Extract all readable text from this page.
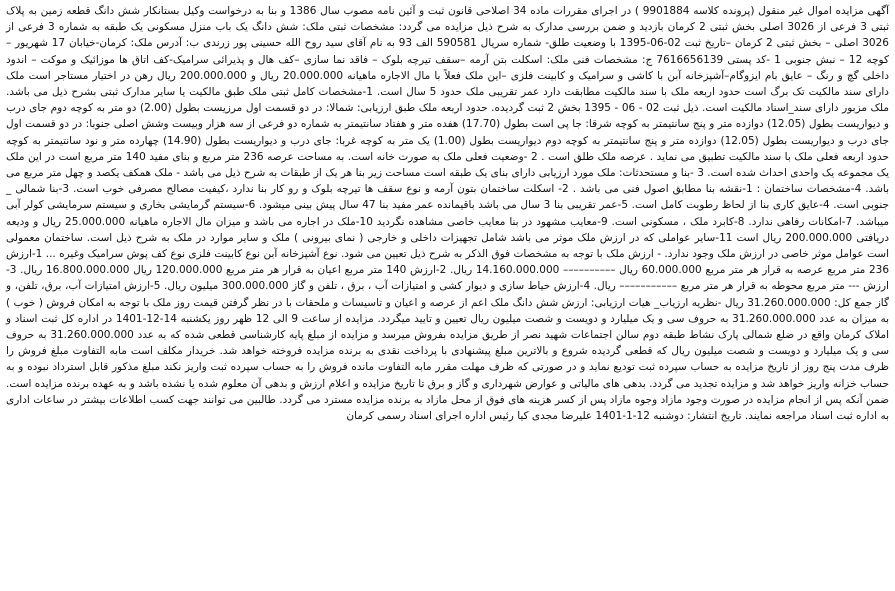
آگهی مزایده اموال غیر منقول (پرونده کلاسه 9901884 ) در اجرای مقررات ماده 34 اصلاحی قانون ثبت و آئین نامه مصوب سال 1386 و بنا به درخواست وکیل بستانکار شش دانگ قطعه زمین به پلاک ثبتی 3 فرعی از 3026 اصلی بخش ثبتی 2 کرمان بازدید و ضمن بررسی مدارک به شرح ذیل مزایده می گردد: مشخصات ثبتی ملک: شش دانگ یک باب منزل مسکونی یک طبقه به شماره 3 فرعی از 3026 اصلی – بخش ثبتی 2 کرمان –تاریخ ثبت 02-06-1395 با وضعیت طلق- شماره سریال 590581 الف 93 به نام آقای سید روح الله حسینی پور زرندی ب: آدرس ملک: کرمان-خیابان 17 شهریور –کوچه 12 – نبش جنوبی 1 -کد پستی 7616656139 ج: مشخصات فنی ملک: اسکلت بتن آرمه –سقف تیرچه بلوک – فاقد نما سازی –کف هال و پذیرائی سرامیک-کف اتاق ها موزائیک و موکت – اندود داخلی گچ و رنگ – عایق بام ایزوگام–آشپزخانه آبن با کاشی و سرامیک و کابینت فلزی –این ملک فعلاً با مال الاجاره ماهیانه 20.000.000 ریال و 200.000.000 ریال رهن در اختیار مستاجر است ملک دارای سند مالکیت تک برگ است حدود اربعه ملک با سند مالکیت مطابقت دارد عمر تقریبی ملک حدود 5 سال است. 1-مشخصات کامل ثبتی ملک طبق مالکیت یا سایر مدارک ثبتی بشرح ذیل می باشد. ملک مزبور دارای سند_اسناد مالکیت است. ذیل ثبت 02 - 06 - 1395 بخش 2 ثبت گردیده. حدود اربعه ملک طبق ارزیابی: شمالا: در دو قسمت اول مرزیست بطول (2.00) دو متر به کوچه دوم جای درب و دیواریست بطول (12.05) دوازده متر و پنج سانتیمتر به کوچه شرقا: جا پی است بطول (17.70) هفده متر و هفتاد سانتیمتر به شماره دو فرعی از سه هزار وبیست وشش اصلی جنوبا: در دو قسمت اول جای درب و دیواریست بطول (12.05) دوازده متر و پنج سانتیمتر به کوچه دوم دیواریست بطول (1.00) یک متر به کوچه غربا: جای درب و دیواریست بطول (14.90) چهارده متر و نود سانتیمتر به کوچه حدود اربعه فعلی ملک با سند مالکیت تطبیق می نماید . عرصه ملک طلق است . 2 -وضعیت فعلی ملک به صورت خانه است. به مساحت عرصه 236 متر مربع و بنای مفید 140 متر مربع است در این ملک یک مجموعه یک واحدی احداث شده است. 3 -بنا و مستحدثات: ملک مورد ارزیابی دارای بنای یک طبقه است مساحت زیر بنا هر یک از طبقات به شرح ذیل می باشد - ملک همکف یکصد و چهل متر مربع می باشد. 4-مشخصات ساختمان : 1-نقشه بنا مطابق اصول فنی می باشد . 2- اسکلت ساختمان بتون آرمه و نوع سقف ها تیرچه بلوک و رو کار بنا ندارد ،کیفیت مصالح مصرفی خوب است. 3-بنا شمالی _ جنوبی است. 4-عایق کاری بنا از لحاظ رطوبت کامل است. 5-عمر تقریبی بنا 3 سال می باشد باقیمانده عمر مفید بنا 47 سال پیش بینی میشود. 6-سیستم گرمایشی بخاری و سیستم سرمایشی کولر آبی میباشد. 7-امکانات رفاهی ندارد. 8-کابرد ملک ، مسکونی است. 9-معایب مشهود در بنا معایب خاصی مشاهده نگردید 10-ملک در اجاره می باشد و میزان مال الاجاره ماهیانه 25.000.000 ریال و ودیعه دریافتی 200.000.000 ریال است 11-سایر عواملی که در ارزش ملک موثر می باشد شامل تجهیزات داخلی و خارجی ( نمای بیرونی ) ملک و سایر موارد در ملک به شرح ذیل است. ساختمان معمولی است عوامل موثر خاصی در ارزش ملک وجود ندارد. - ارزش ملک با توجه به مشخصات فوق الذکر به شرح ذیل تعیین می شود. نوع آشپزخانه آبن نوع کابینت فلزی نوع کف پوش سرامیک وغیره ... 1-ارزش 236 متر مربع عرصه به قرار هر متر مربع 60.000.000 ریال –––––––––– 14.160.000.000 ریال. 2-ارزش 140 متر مربع اعیان به قرار هر متر مربع 120.000.000 ریال 16.800.000.000 ریال. 3-ارزش --- متر مربع محوطه به قرار هر متر مربع ––––––––––– ریال. 4-ارزش حیاط سازی و دیوار کشی و امتیازات آب ، برق ، تلفن و گاز 300.000.000 میلیون ریال. 5-ارزش امتیازات آب، برق، تلفن، و گاز جمع کل: 31.260.000.000 ریال -نظریه ارزیاب_ هیات ارزیابی: ارزش شش دانگ ملک اعم از عرصه و اعیان و تاسیسات و ملحقات با در نظر گرفتن قیمت روز ملک با توجه به امکان فروش ( خوب ) به میزان به عدد 31.260.000.000 به حروف سی و یک میلیارد و دویست و شصت میلیون ریال تعیین و تایید میگردد. مزایده از ساعت 9 الی 12 ظهر روز یکشنبه 14-12-1401 در اداره کل ثبت اسناد و املاک کرمان واقع در ضلع شمالی پارک نشاط طبقه دوم سالن اجتماعات شهید نصر از طریق مزایده بفروش میرسد و مزایده از مبلغ پایه کارشناسی قطعی شده که به عدد 31.260.000.000 به حروف سی و یک میلیارد و دویست و شصت میلیون ریال که قطعی گردیده شروع و بالاترین مبلغ پیشنهادی با پرداخت نقدی به برنده مزایده فروخته خواهد شد. خریدار مکلف است مابه التفاوت مبلغ فروش را ظرف مدت پنج روز از تاریخ مزایده به حساب سپرده ثبت تودیع نماید و در صورتی که ظرف مهلت مقرر مابه التفاوت مانده فروش را به حساب سپرده ثبت واریز نکند مبلغ مذکور قابل استرداد نبوده و به حساب خزانه واریز خواهد شد و مزایده تجدید می گردد. بدهی های مالیاتی و عوارض شهرداری و گاز و برق تا تاریخ مزایده و اعلام ارزش و بدهی آن معلوم شده یا نشده باشد و به عهده برنده مزایده است. ضمن آنکه پس از انجام مزایده در صورت وجود مازاد وجوه مازاد پس از کسر هزینه های فوق از محل مازاد به برنده مزایده مسترد می گردد. طالبین می توانند جهت کسب اطلاعات بیشتر در ساعات اداری به اداره ثبت اسناد مراجعه نمایند. تاریخ انتشار: دوشنبه 12-1-1401 علیرضا مجدی کیا رئیس اداره اجرای اسناد رسمی کرمان
